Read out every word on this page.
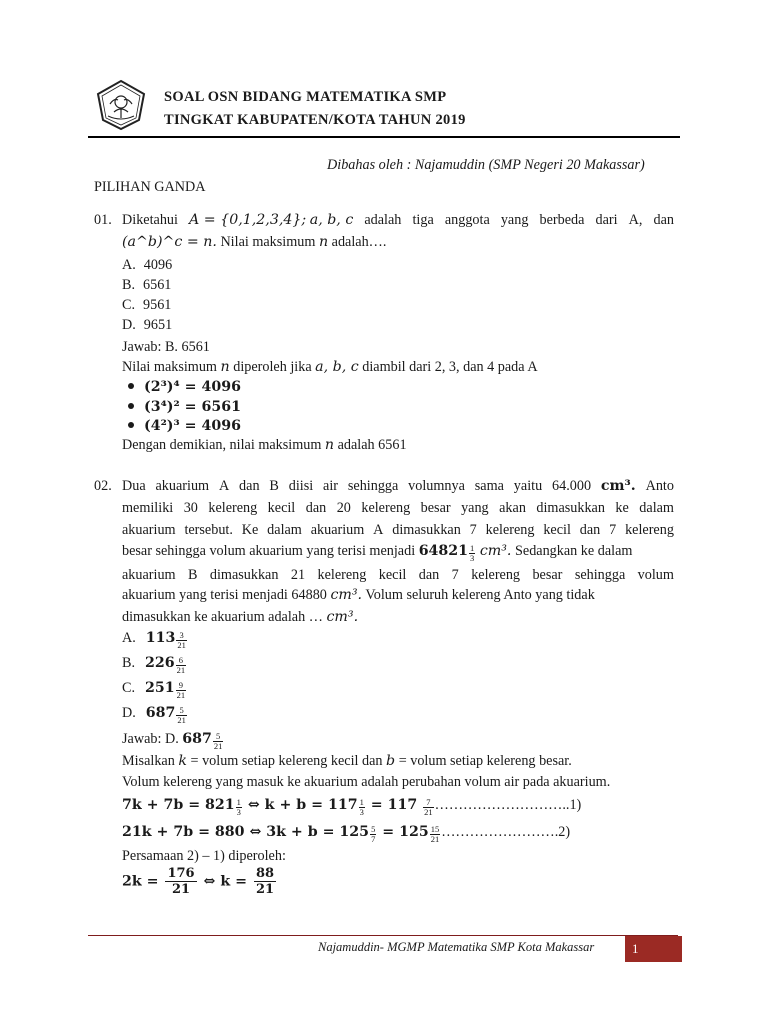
SOAL OSN BIDANG MATEMATIKA SMP
TINGKAT KABUPATEN/KOTA TAHUN 2019
Dibahas oleh : Najamuddin (SMP Negeri 20 Makassar)
PILIHAN GANDA
01. Diketahui A = {0,1,2,3,4}; a, b, c adalah tiga anggota yang berbeda dari A, dan
(a^b)^c = n. Nilai maksimum n adalah….
A. 4096
B. 6561
C. 9561
D. 9651
Jawab: B. 6561
Nilai maksimum n diperoleh jika a, b, c diambil dari 2, 3, dan 4 pada A
(2³)⁴ = 4096
(3⁴)² = 6561
(4²)³ = 4096
Dengan demikian, nilai maksimum n adalah 6561
02. Dua akuarium A dan B diisi air sehingga volumnya sama yaitu 64.000 cm³. Anto
memiliki 30 kelereng kecil dan 20 kelereng besar yang akan dimasukkan ke dalam
akuarium tersebut. Ke dalam akuarium A dimasukkan 7 kelereng kecil dan 7 kelereng
besar sehingga volum akuarium yang terisi menjadi $64821 \frac{1}{3} cm^3$. Sedangkan ke dalam
akuarium B dimasukkan 21 kelereng kecil dan 7 kelereng besar sehingga volum
akuarium yang terisi menjadi 64880 cm³. Volum seluruh kelereng Anto yang tidak
dimasukkan ke akuarium adalah … cm³.
A. $113 \frac{3}{21}$
B. $226 \frac{6}{21}$
C. $251 \frac{9}{21}$
D. $687 \frac{5}{21}$
Jawab: D. $687 \frac{5}{21}$
Misalkan k = volum setiap kelereng kecil dan b = volum setiap kelereng besar.
Volum kelereng yang masuk ke akuarium adalah perubahan volum air pada akuarium.
$7k + 7b = 821 \frac{1}{3}$ ⇔ $k + b = 117 \frac{1}{3} = 117 \frac{7}{21}$ ………………………..1)
21k + 7b = 880 ⇔ $3k + b = 125 \frac{5}{7} = 125 \frac{15}{21}$ …………………….2)
Persamaan 2) – 1) diperoleh:
$2k = \frac{176}{21}$ ⇔ $k = \frac{88}{21}$
Najamuddin- MGMP Matematika SMP Kota Makassar	1
